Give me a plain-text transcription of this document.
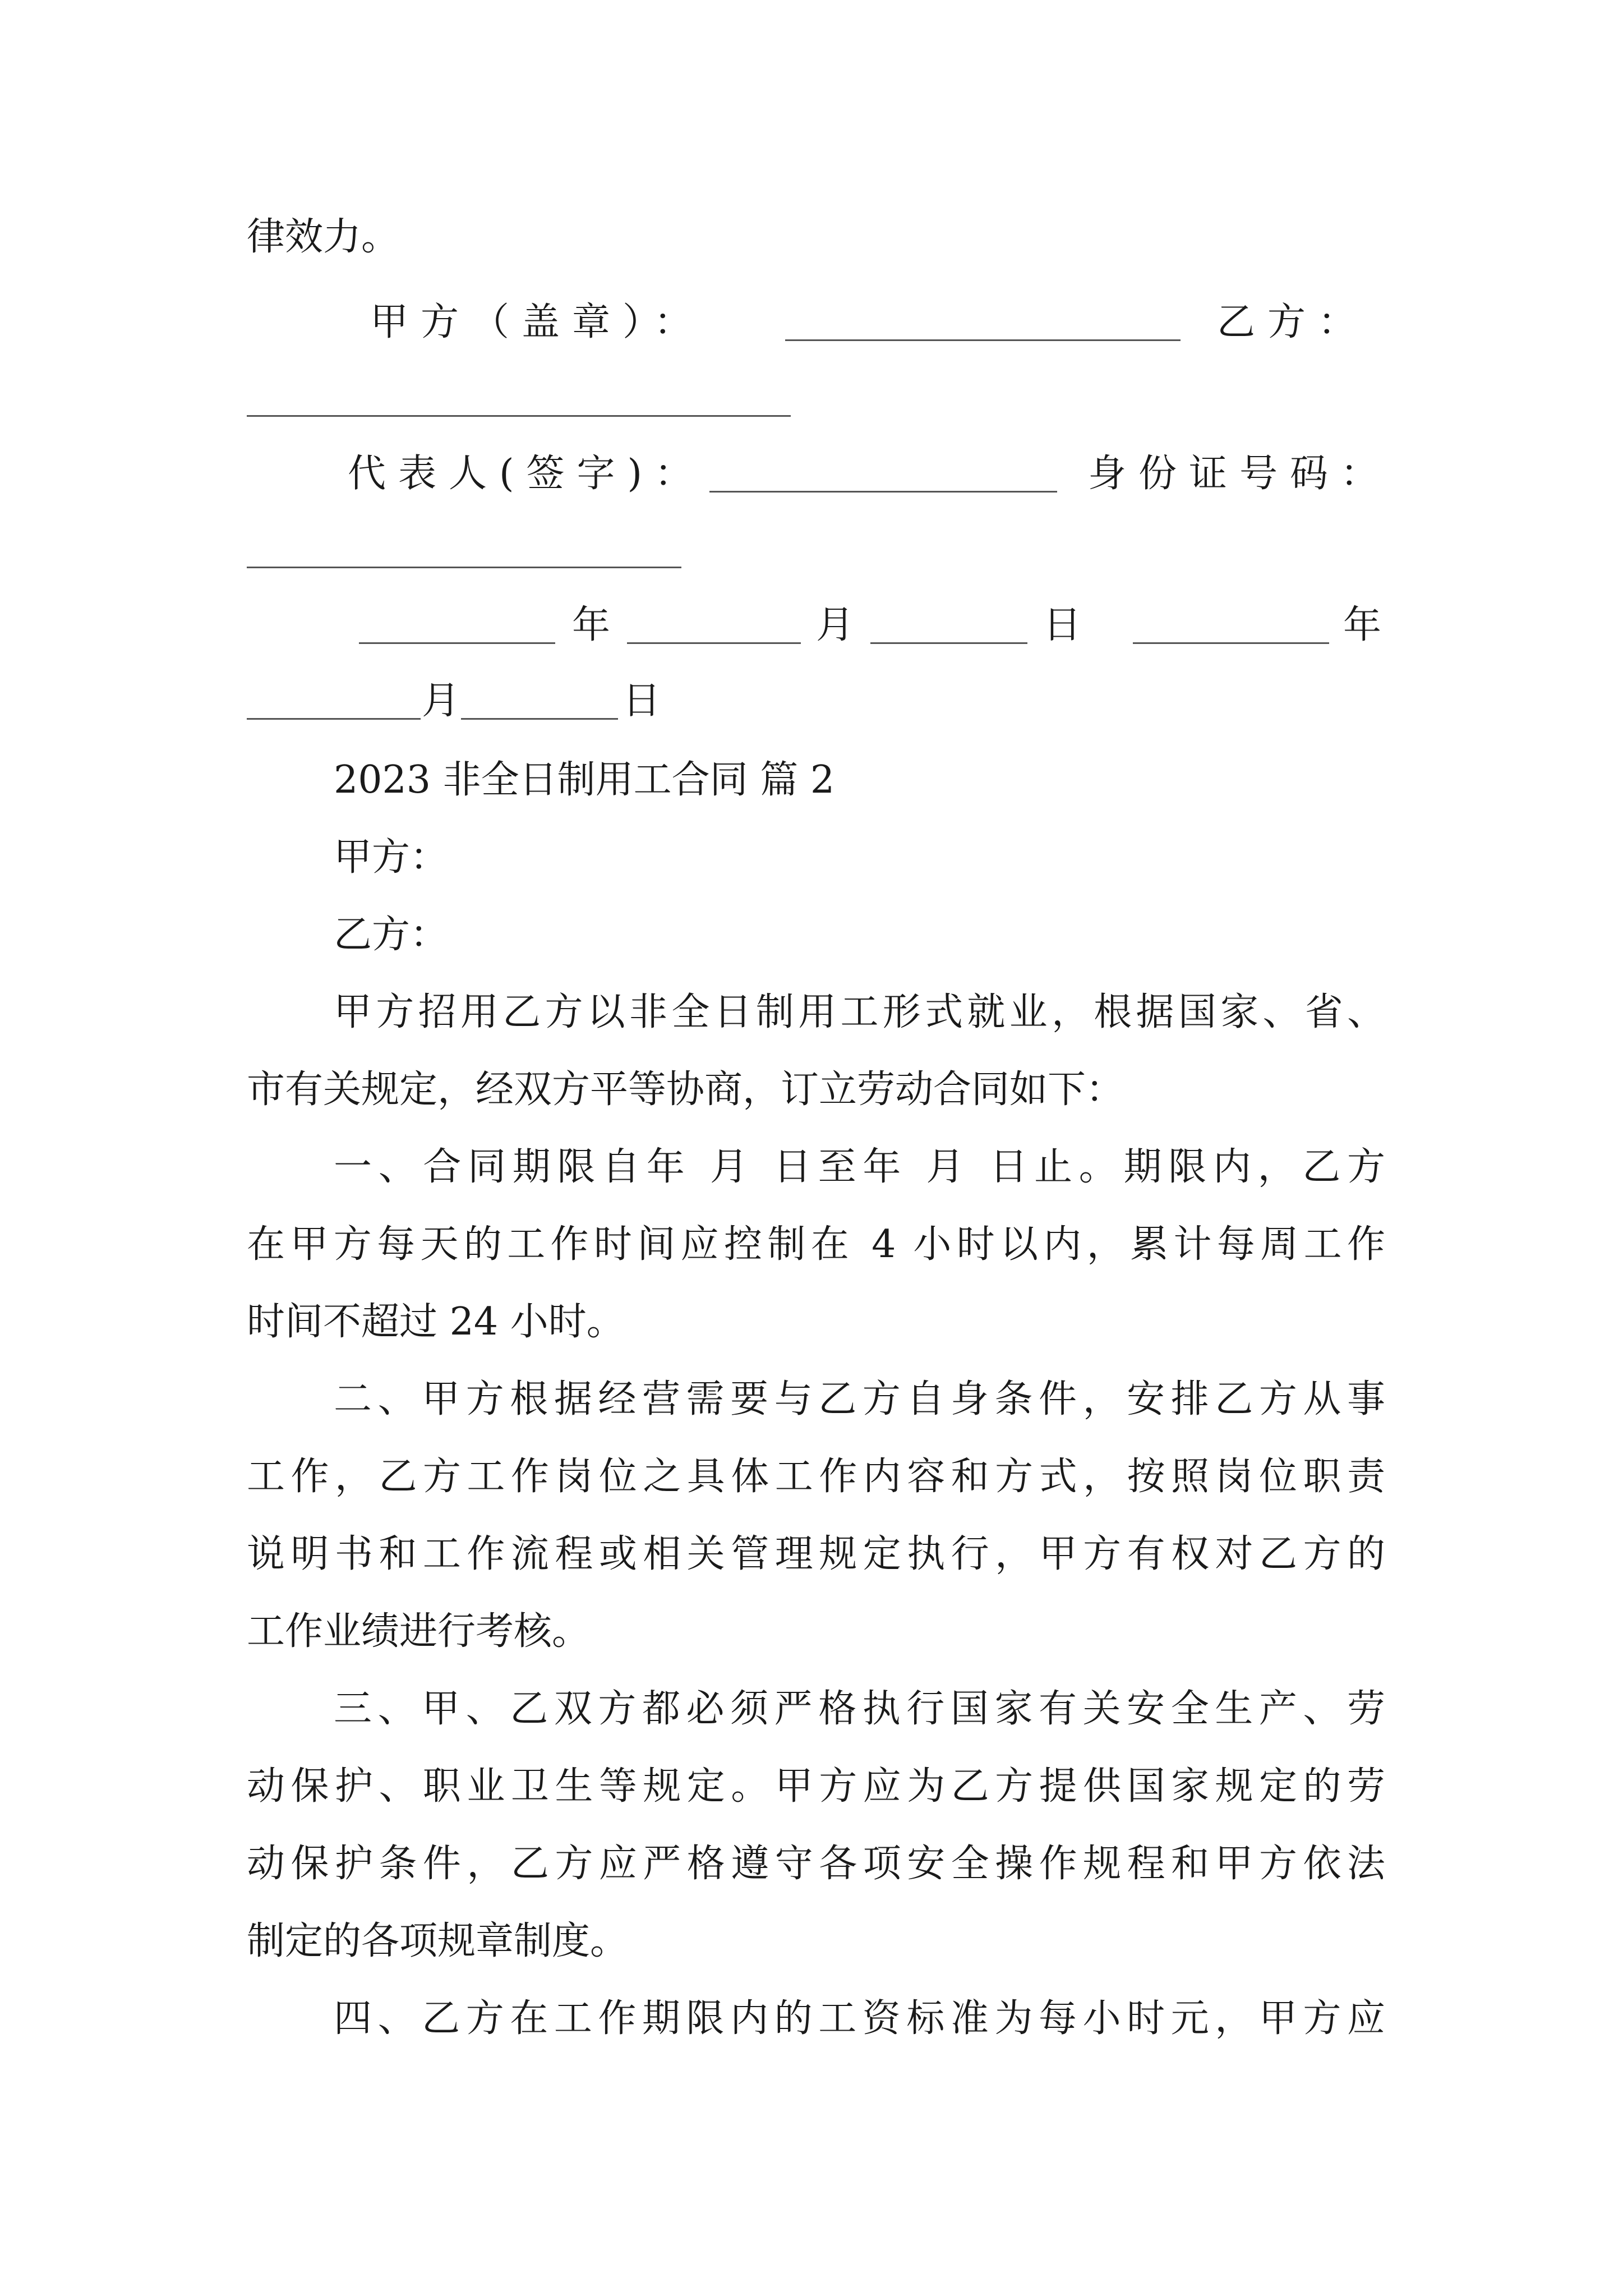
律效力。
甲方（盖章）：	乙方：
代表人(签字)：	身份证号码：
年	月	日	年
月	日
2023 非全日制用工合同 篇 2
甲方：
乙方：
甲方招用乙方以非全日制用工形式就业，根据国家、省、
市有关规定，经双方平等协商，订立劳动合同如下：
一、合同期限自年 月 日至年 月 日止。期限内，乙方
在甲方每天的工作时间应控制在 4 小时以内，累计每周工作
时间不超过 24 小时。
二、甲方根据经营需要与乙方自身条件，安排乙方从事
工作，乙方工作岗位之具体工作内容和方式，按照岗位职责
说明书和工作流程或相关管理规定执行，甲方有权对乙方的
工作业绩进行考核。
三、甲、乙双方都必须严格执行国家有关安全生产、劳
动保护、职业卫生等规定。甲方应为乙方提供国家规定的劳
动保护条件，乙方应严格遵守各项安全操作规程和甲方依法
制定的各项规章制度。
四、乙方在工作期限内的工资标准为每小时元，甲方应
